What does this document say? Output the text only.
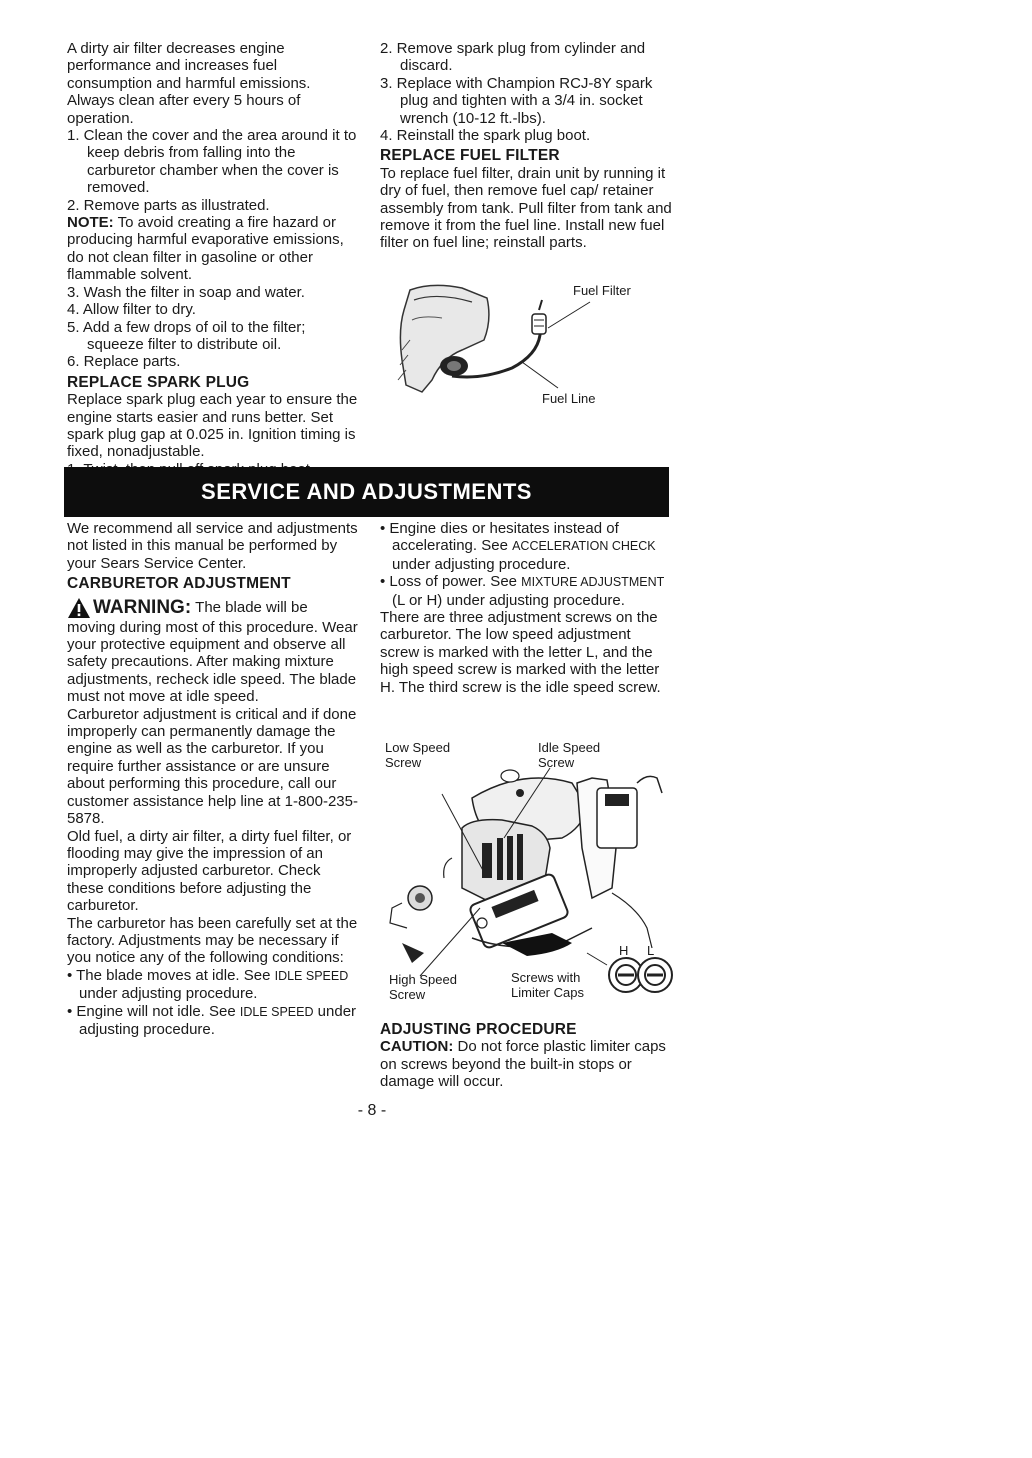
A dirty air filter decreases engine performance and increases fuel consumption and harmful emissions. Always clean after every 5 hours of operation.

1. Clean the cover and the area around it to keep debris from falling into the carburetor chamber when the cover is removed.

2. Remove parts as illustrated.

NOTE: To avoid creating a fire hazard or producing harmful evaporative emissions, do not clean filter in gasoline or other flammable solvent.

3. Wash the filter in soap and water.

4. Allow filter to dry.

5. Add a few drops of oil to the filter; squeeze filter to distribute oil.

6. Replace parts.

REPLACE SPARK PLUG

Replace spark plug each year to ensure the engine starts easier and runs better. Set spark plug gap at 0.025 in. Ignition timing is fixed, nonadjustable.

2. Remove spark plug from cylinder and discard.

3. Replace with Champion RCJ-8Y spark plug and tighten with a 3/4 in. socket wrench (10-12 ft.-lbs).

4. Reinstall the spark plug boot.

REPLACE FUEL FILTER

To replace fuel filter, drain unit by running it dry of fuel, then remove fuel cap/ retainer assembly from tank. Pull filter from tank and remove it from the fuel line. Install new fuel filter on fuel line; reinstall parts.

Fuel Filter
Fuel Line
SERVICE AND ADJUSTMENTS

We recommend all service and adjustments not listed in this manual be performed by your Sears Service Center.

CARBURETOR ADJUSTMENT

WARNING: The blade will be

moving during most of this procedure. Wear your protective equipment and observe all safety precautions. After making mixture adjustments, recheck idle speed. The blade must not move at idle speed.

Carburetor adjustment is critical and if done improperly can permanently damage the engine as well as the carburetor. If you require further assistance or are unsure about performing this procedure, call our customer assistance help line at 1-800-235-5878.

Old fuel, a dirty air filter, a dirty fuel filter, or flooding may give the impression of an improperly adjusted carburetor. Check these conditions before adjusting the carburetor.

The carburetor has been carefully set at the factory. Adjustments may be necessary if you notice any of the following conditions:

• The blade moves at idle. See IDLE SPEED under adjusting procedure.

• Engine will not idle. See IDLE SPEED under adjusting procedure.

• Engine dies or hesitates instead of accelerating. See ACCELERATION CHECK under adjusting procedure.

• Loss of power. See MIXTURE ADJUSTMENT (L or H) under adjusting procedure.

There are three adjustment screws on the carburetor. The low speed adjustment screw is marked with the letter L, and the high speed screw is marked with the letter H. The third screw is the idle speed screw.

Low Speed Screw
Idle Speed Screw
High Speed Screw
Screws with Limiter Caps
H L

ADJUSTING PROCEDURE

CAUTION: Do not force plastic limiter caps on screws beyond the built-in stops or damage will occur.

- 8 -
